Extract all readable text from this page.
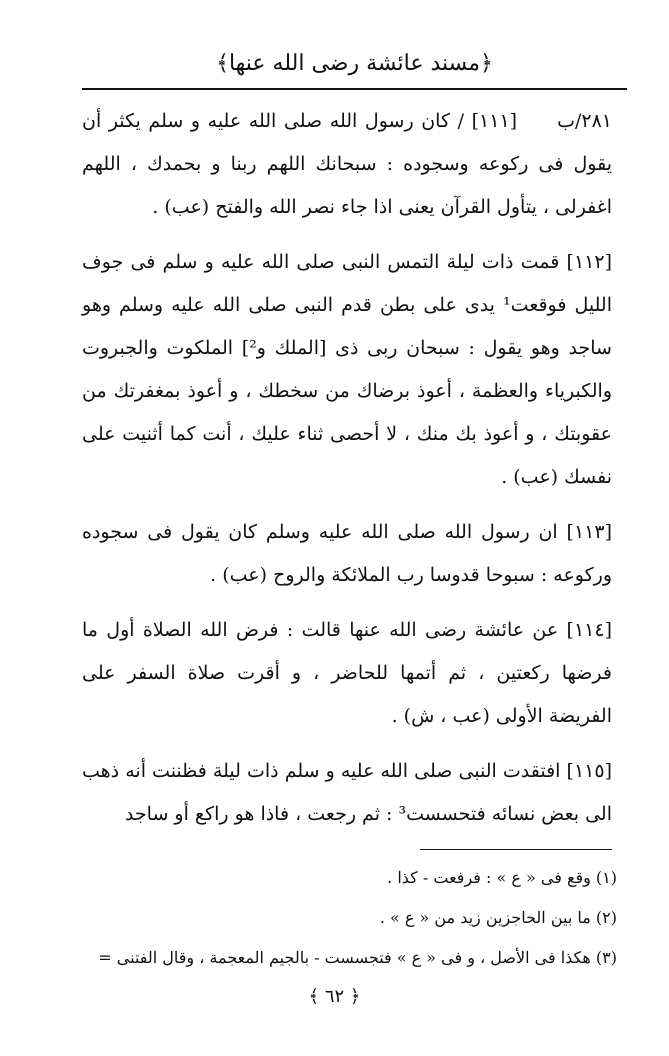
﴿مسند عائشة رضى الله عنها﴾
٢٨١/ب
[١١١] / كان رسول الله صلى الله عليه و سلم يكثر أن يقول فى ركوعه وسجوده : سبحانك اللهم ربنا و بحمدك ، اللهم اغفرلى ، يتأول القرآن يعنى اذا جاء نصر الله والفتح (عب) .
[١١٢] قمت ذات ليلة التمس النبى صلى الله عليه و سلم فى جوف الليل فوقعت¹ يدى على بطن قدم النبى صلى الله عليه وسلم وهو ساجد وهو يقول : سبحان ربى ذى [الملك و²] الملكوت والجبروت والكبرياء والعظمة ، أعوذ برضاك من سخطك ، و أعوذ بمغفرتك من عقوبتك ، و أعوذ بك منك ، لا أحصى ثناء عليك ، أنت كما أثنيت على نفسك (عب) .
[١١٣] ان رسول الله صلى الله عليه وسلم كان يقول فى سجوده وركوعه : سبوحا قدوسا رب الملائكة والروح (عب) .
[١١٤] عن عائشة رضى الله عنها قالت : فرض الله الصلاة أول ما فرضها ركعتين ، ثم أتمها للحاضر ، و أقرت صلاة السفر على الفريضة الأولى (عب ، ش) .
[١١٥] افتقدت النبى صلى الله عليه و سلم ذات ليلة فظننت أنه ذهب الى بعض نسائه فتحسست³ : ثم رجعت ، فاذا هو راكع أو ساجد
(١) وقع فى « ع » : فرفعت - كذا .
(٢) ما بين الحاجزين زيد من « ع » .
(٣) هكذا فى الأصل ، و فى « ع » فتجسست - بالجيم المعجمة ، وقال الفتنى =
﴿ ٦٢ ﴾
